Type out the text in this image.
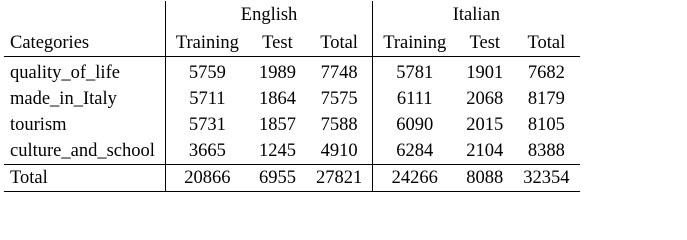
	English			Italian		
Categories	Training	Test	Total	Training	Test	Total
quality_of_life	5759	1989	7748	5781	1901	7682
made_in_Italy	5711	1864	7575	6111	2068	8179
tourism	5731	1857	7588	6090	2015	8105
culture_and_school	3665	1245	4910	6284	2104	8388
Total	20866	6955	27821	24266	8088	32354
